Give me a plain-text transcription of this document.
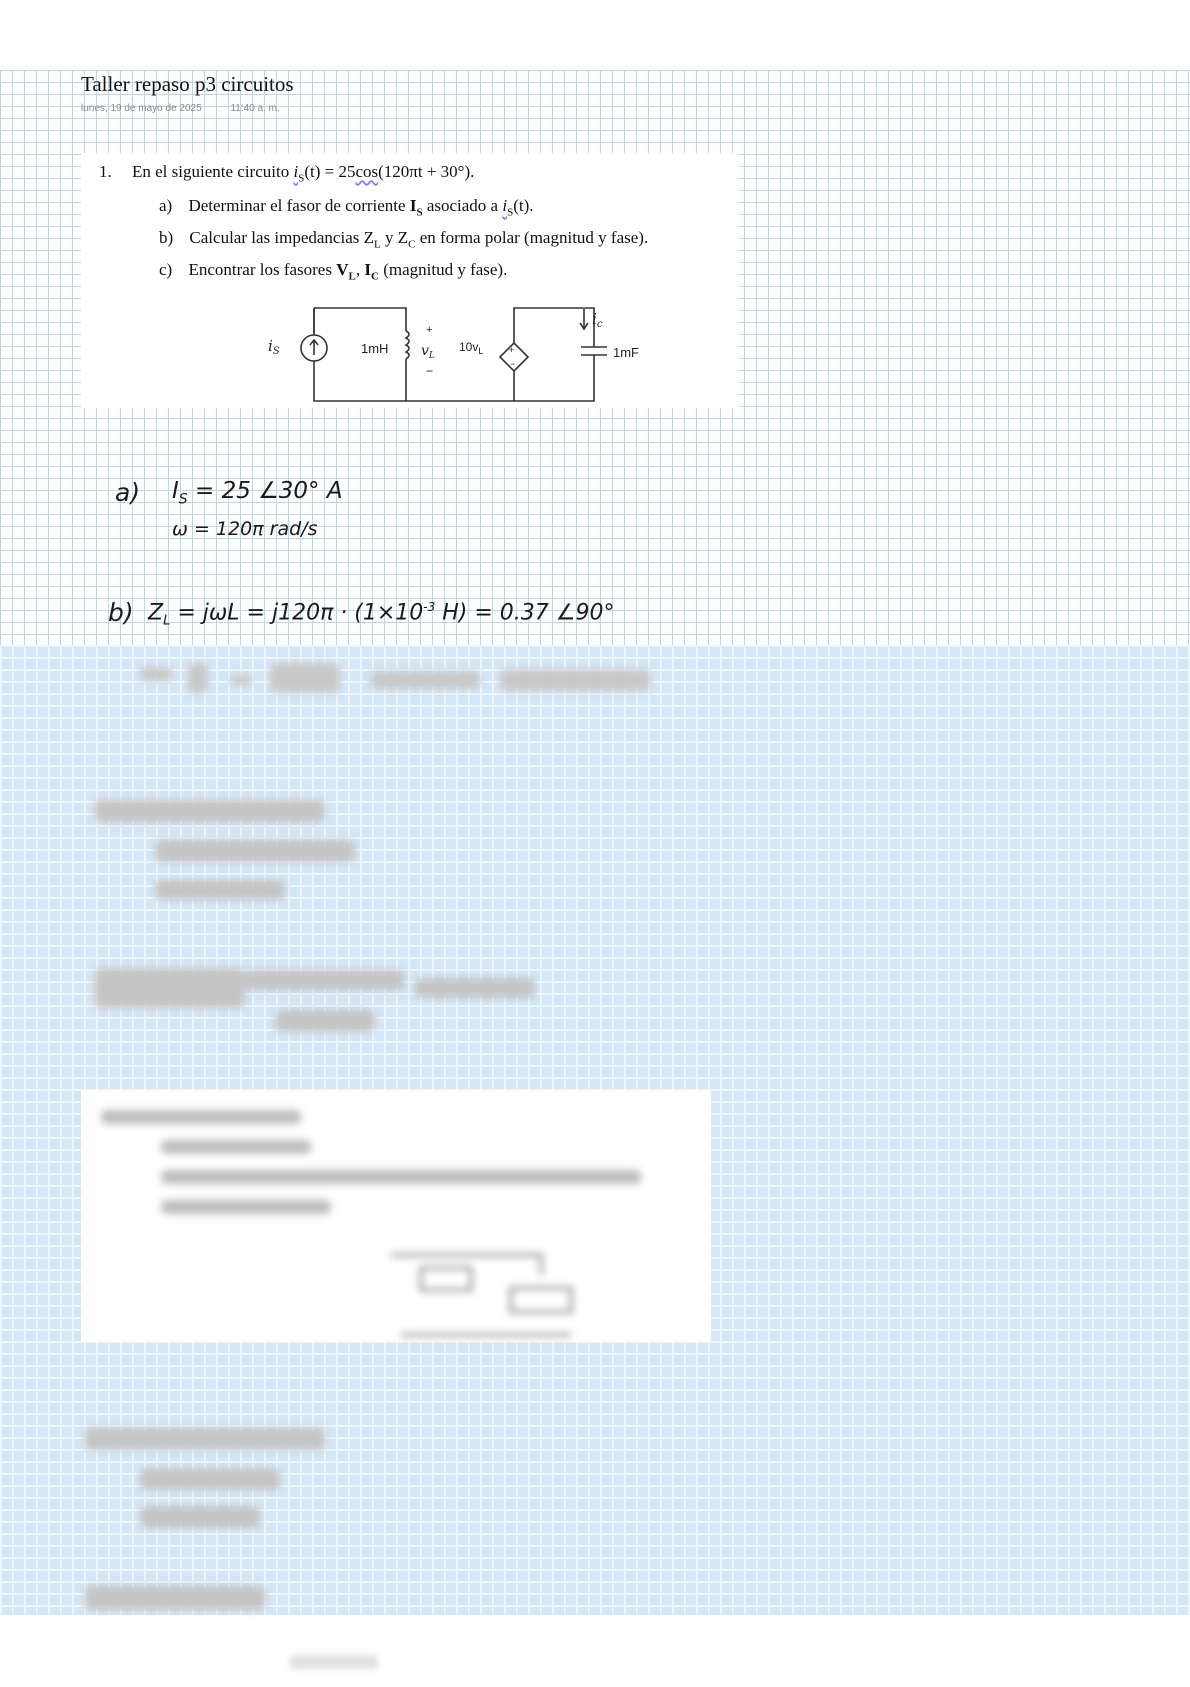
Taller repaso p3 circuitos
lunes, 19 de mayo de 2025	11:40 a. m.
1. En el siguiente circuito $i_S(t) = 25\cos(120\pi t + 30^\circ)$.
a) Determinar el fasor de corriente $I_S$ asociado a $i_S(t)$.
b) Calcular las impedancias $Z_L$ y $Z_C$ en forma polar (magnitud y fase).
c) Encontrar los fasores $V_L$, $I_C$ (magnitud y fase).
$i_S$	1mH
+
$v_L$
−
$10v_L$	+
−
$i_c$
1mF
a) $I_S = 25$ ∠30° A
ω = 120π rad/s
b) $Z_L = j\omega L = j120\pi \cdot (1\times 10^{-3}$ H) = 0.37 ∠90°
